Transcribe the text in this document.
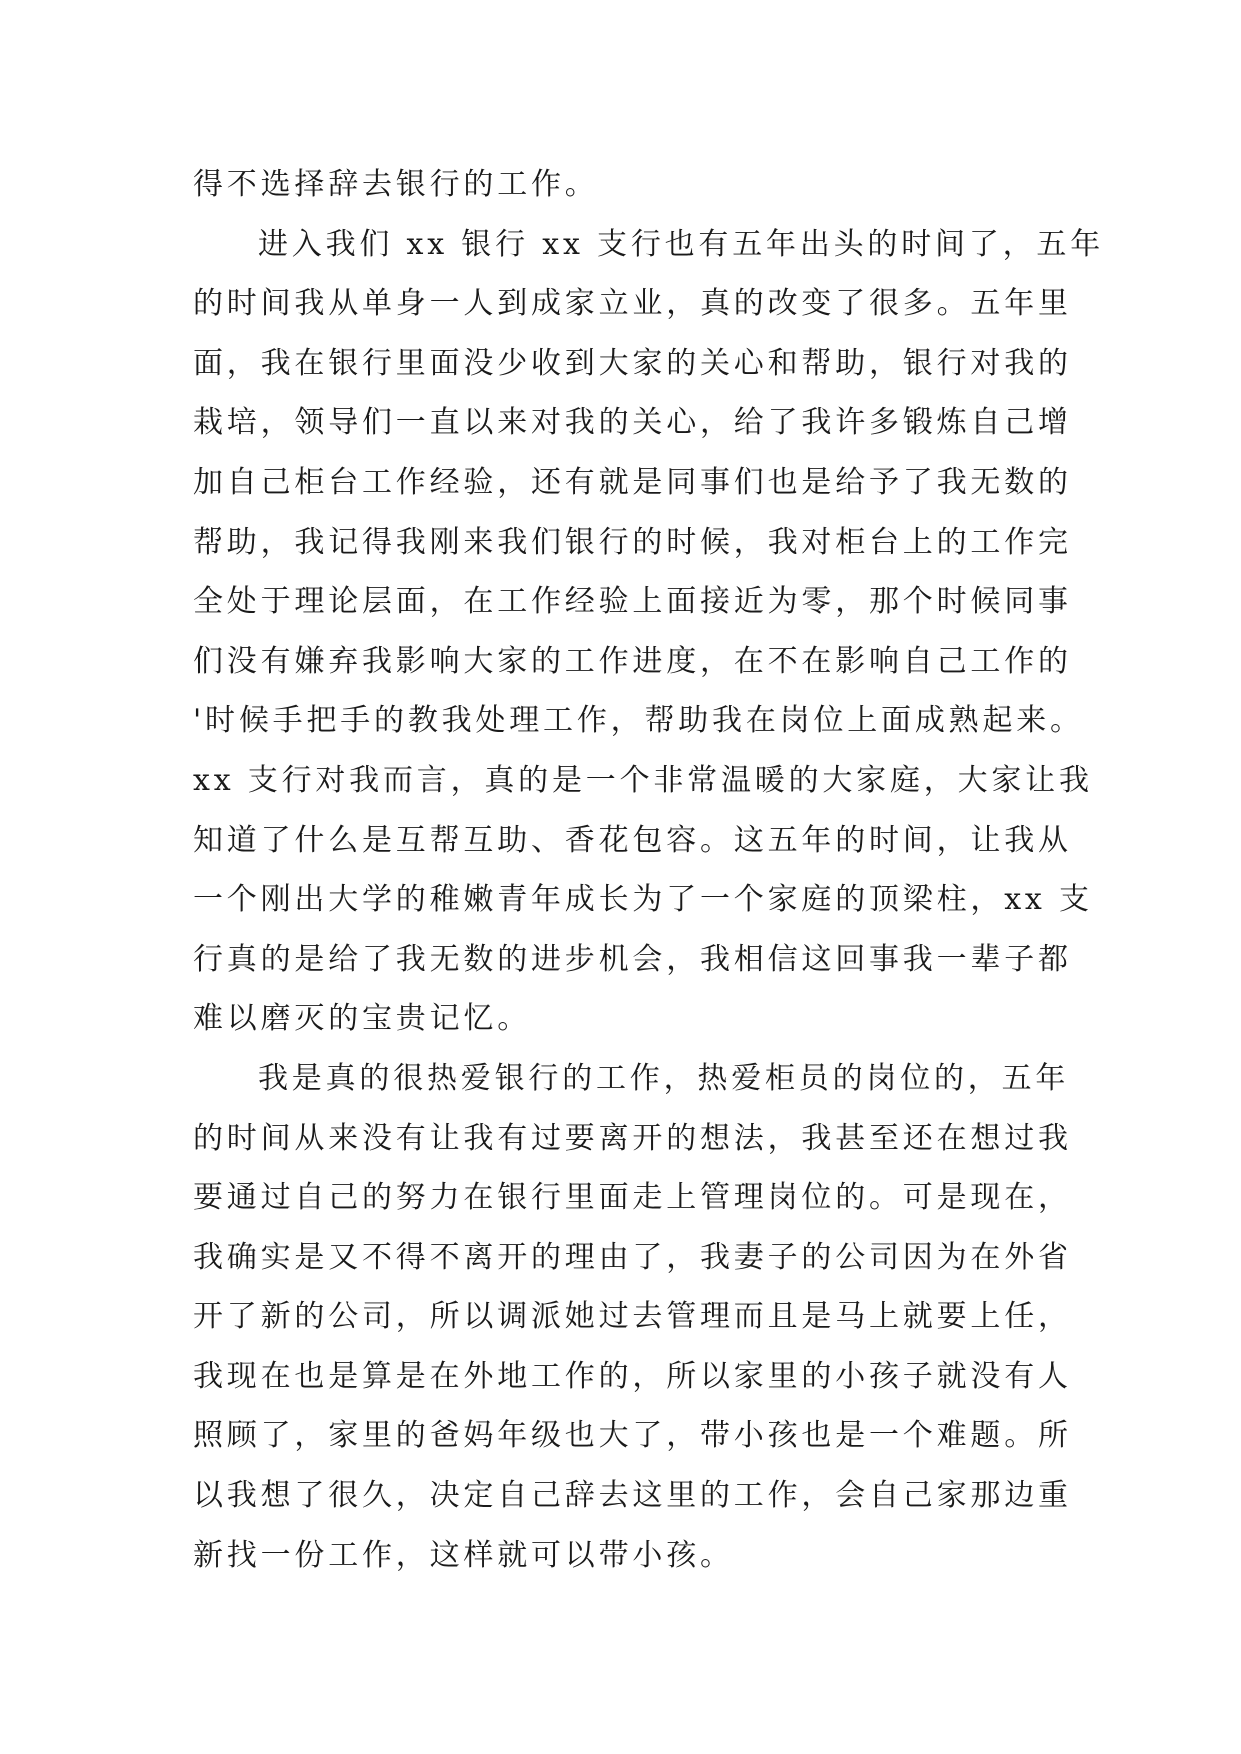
得不选择辞去银行的工作。
进入我们 xx 银行 xx 支行也有五年出头的时间了，五年
的时间我从单身一人到成家立业，真的改变了很多。五年里
面，我在银行里面没少收到大家的关心和帮助，银行对我的
栽培，领导们一直以来对我的关心，给了我许多锻炼自己增
加自己柜台工作经验，还有就是同事们也是给予了我无数的
帮助，我记得我刚来我们银行的时候，我对柜台上的工作完
全处于理论层面，在工作经验上面接近为零，那个时候同事
们没有嫌弃我影响大家的工作进度，在不在影响自己工作的
'时候手把手的教我处理工作，帮助我在岗位上面成熟起来。
xx 支行对我而言，真的是一个非常温暖的大家庭，大家让我
知道了什么是互帮互助、香花包容。这五年的时间，让我从
一个刚出大学的稚嫩青年成长为了一个家庭的顶梁柱，xx 支
行真的是给了我无数的进步机会，我相信这回事我一辈子都
难以磨灭的宝贵记忆。
我是真的很热爱银行的工作，热爱柜员的岗位的，五年
的时间从来没有让我有过要离开的想法，我甚至还在想过我
要通过自己的努力在银行里面走上管理岗位的。可是现在，
我确实是又不得不离开的理由了，我妻子的公司因为在外省
开了新的公司，所以调派她过去管理而且是马上就要上任，
我现在也是算是在外地工作的，所以家里的小孩子就没有人
照顾了，家里的爸妈年级也大了，带小孩也是一个难题。所
以我想了很久，决定自己辞去这里的工作，会自己家那边重
新找一份工作，这样就可以带小孩。
